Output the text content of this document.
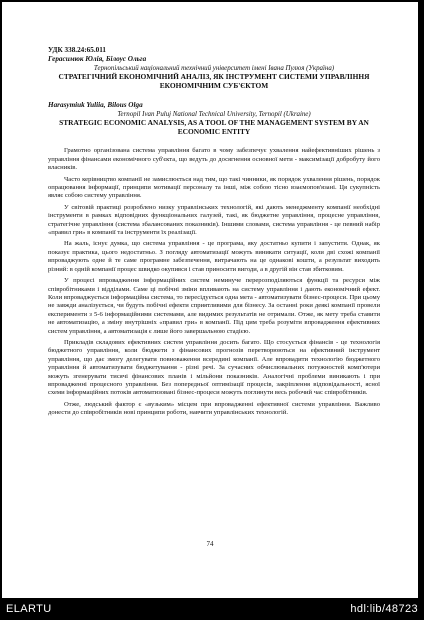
УДК 338.24:65.011

Герасимюк Юлія, Білоус Ольга

Тернопільський національний технічний університет імені Івана Пулюя (Україна)

СТРАТЕГІЧНИЙ ЕКОНОМІЧНИЙ АНАЛІЗ, ЯК ІНСТРУМЕНТ СИСТЕМИ УПРАВЛІННЯ ЕКОНОМІЧНИМ СУБ'ЄКТОМ

Harasymiuk Yuliia, Bilous Olga

Ternopil Ivan Puluj National Technical University, Ternopil (Ukraine)

STRATEGIC ECONOMIC ANALYSIS, AS A TOOL OF THE MANAGEMENT SYSTEM BY AN ECONOMIC ENTITY

Грамотно організована система управління багато в чому забезпечує ухвалення найефективніших рішень з управління фінансами економічного суб'єкта, що ведуть до досягнення основної мети - максимізації добробуту його власників.

Часто керівництво компанії не замислюється над тим, що такі чинники, як порядок ухвалення рішень, порядок опрацювання інформації, принципи мотивації персоналу та інші, між собою тісно взаємопов'язані. Ця сукупність являє собою систему управління.

У світовій практиці розроблено низку управлінських технологій, які дають менеджменту компанії необхідні інструменти в рамках відповідних функціональних галузей, такі, як бюджетне управління, процесне управління, стратегічне управління (система збалансованих показників). Іншими словами, система управління - це певний набір «правил гри» в компанії та інструменти їх реалізації.

На жаль, існує думка, що система управління - це програма, яку достатньо купити і запустити. Однак, як показує практика, цього недостатньо. З погляду автоматизації можуть виникати ситуації, коли дві схожі компанії впроваджують одне й те саме програмне забезпечення, витрачають на це однакові кошти, а результат виходить різний: в одній компанії процес швидко окупився і став приносити вигоди, а в другій він став збитковим.

У процесі впровадження інформаційних систем неминуче перерозподіляються функції та ресурси між співробітниками і відділами. Саме ці побічні зміни впливають на систему управління і дають економічний ефект. Коли впроваджується інформаційна система, то пересідується одна мета - автоматизувати бізнес-процеси. При цьому не завжди аналізується, чи будуть побічні ефекти сприятливими для бізнесу. За останні роки деякі компанії провели експерименти з 5-6 інформаційними системами, але видимих результатів не отримали. Отже, як мету треба ставити не автоматизацію, а зміну внутрішніх «правил гри» в компанії. Під цим треба розуміти впровадження ефективних систем управління, а автоматизація є лише його завершальною стадією.

Прикладів складових ефективних систем управління досить багато. Що стосується фінансів - це технологія бюджетного управління, коли бюджети з фінансових прогнозів перетворюються на ефективний інструмент управління, що дає змогу делегувати повноваження всередині компанії. Але впровадити технологію бюджетного управління й автоматизувати бюджетування - різні речі. За сучасних обчислювальних потужностей комп'ютери можуть згенерувати тисячі фінансових планів і мільйони показників. Аналогічні проблеми виникають і при впровадженні процесного управління. Без попередньої оптимізації процесів, закріплення відповідальності, ясної схеми інформаційних потоків автоматизовані бізнес-процеси можуть поглинути весь робочий час співробітників.

Отже, людський фактор є «вузьким» місцем при впровадженні ефективної системи управління. Важливо донести до співробітників нові принципи роботи, навчити управлінських технологій.

74
ELARTU	hdl:lib/48723
